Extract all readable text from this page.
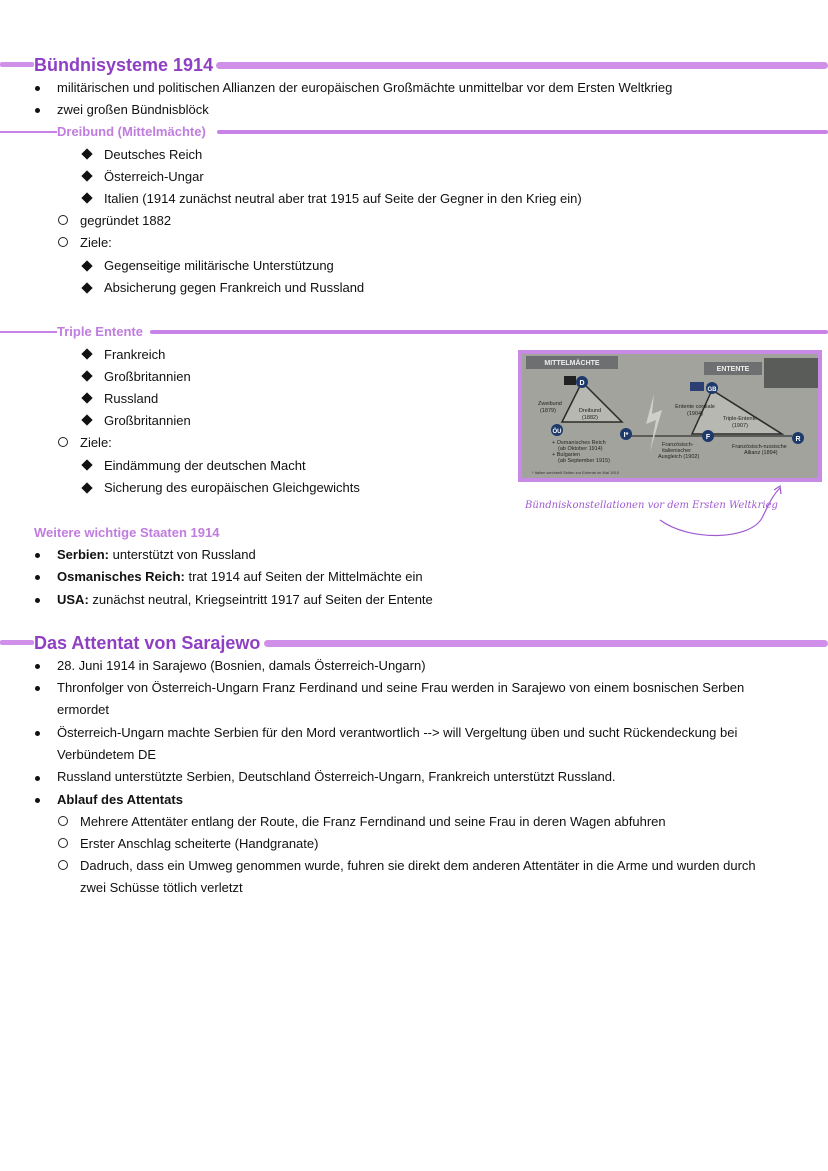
Bündnisysteme 1914
militärischen und politischen Allianzen der europäischen Großmächte unmittelbar vor dem Ersten Weltkrieg
zwei großen Bündnisblöck
Dreibund (Mittelmächte)
Deutsches Reich
Österreich-Ungar
Italien (1914 zunächst neutral aber trat 1915 auf Seite der Gegner in den Krieg ein)
gegründet 1882
Ziele:
Gegenseitige militärische Unterstützung
Absicherung gegen Frankreich und Russland
Triple Entente
Frankreich
Großbritannien
Russland
Großbritannien
Ziele:
Eindämmung der deutschen Macht
Sicherung des europäischen Gleichgewichts
MITTELMÄCHTE
ENTENTE
D
ÖU	I*
GB
F	R
Zweibund
(1879)	Dreibund
(1882)
Entente cordiale
(1904)
Triple-Entente
(1907)
+ Osmanisches Reich
(ab Oktober 1914)
+ Bulgarien
(ab September 1915)
Französisch-
italienischer
Ausgleich (1902)
Französisch-russische
Allianz (1894)
* Italien wechselt Seiten zur Entente im Mai 1915
Bündniskonstellationen vor dem Ersten Weltkrieg
Weitere wichtige Staaten 1914
Serbien: unterstützt von Russland
Osmanisches Reich: trat 1914 auf Seiten der Mittelmächte ein
USA: zunächst neutral, Kriegseintritt 1917 auf Seiten der Entente
Das Attentat von Sarajewo
28. Juni 1914 in Sarajewo (Bosnien, damals Österreich-Ungarn)
Thronfolger von Österreich-Ungarn Franz Ferdinand und seine Frau werden in Sarajewo von einem bosnischen Serben
ermordet
Österreich-Ungarn machte Serbien für den Mord verantwortlich --> will Vergeltung üben und sucht Rückendeckung bei
Verbündetem DE
Russland unterstützte Serbien, Deutschland Österreich-Ungarn, Frankreich unterstützt Russland.
Ablauf des Attentats
Mehrere Attentäter entlang der Route, die Franz Ferndinand und seine Frau in deren Wagen abfuhren
Erster Anschlag scheiterte (Handgranate)
Dadruch, dass ein Umweg genommen wurde, fuhren sie direkt dem anderen Attentäter in die Arme und wurden durch
zwei Schüsse tötlich verletzt
